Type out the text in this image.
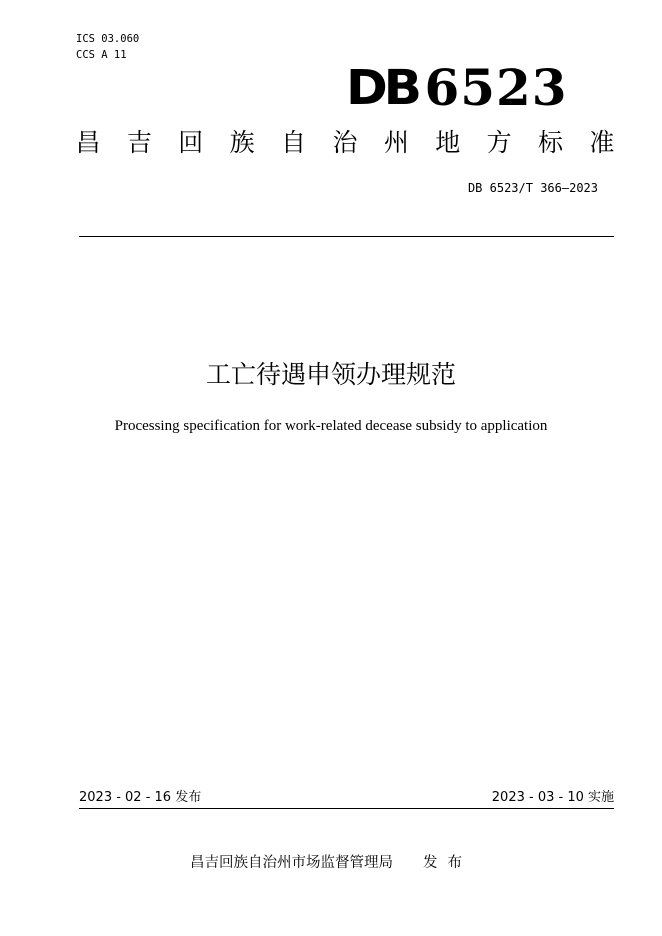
ICS 03.060
CCS A 11
DB 6523
昌 吉 回 族 自 治 州 地 方 标 准
DB 6523/T 366—2023
工亡待遇申领办理规范
Processing specification for work-related decease subsidy to application
2023 - 02 - 16 发布	2023 - 03 - 10 实施
昌吉回族自治州市场监督管理局 发布
